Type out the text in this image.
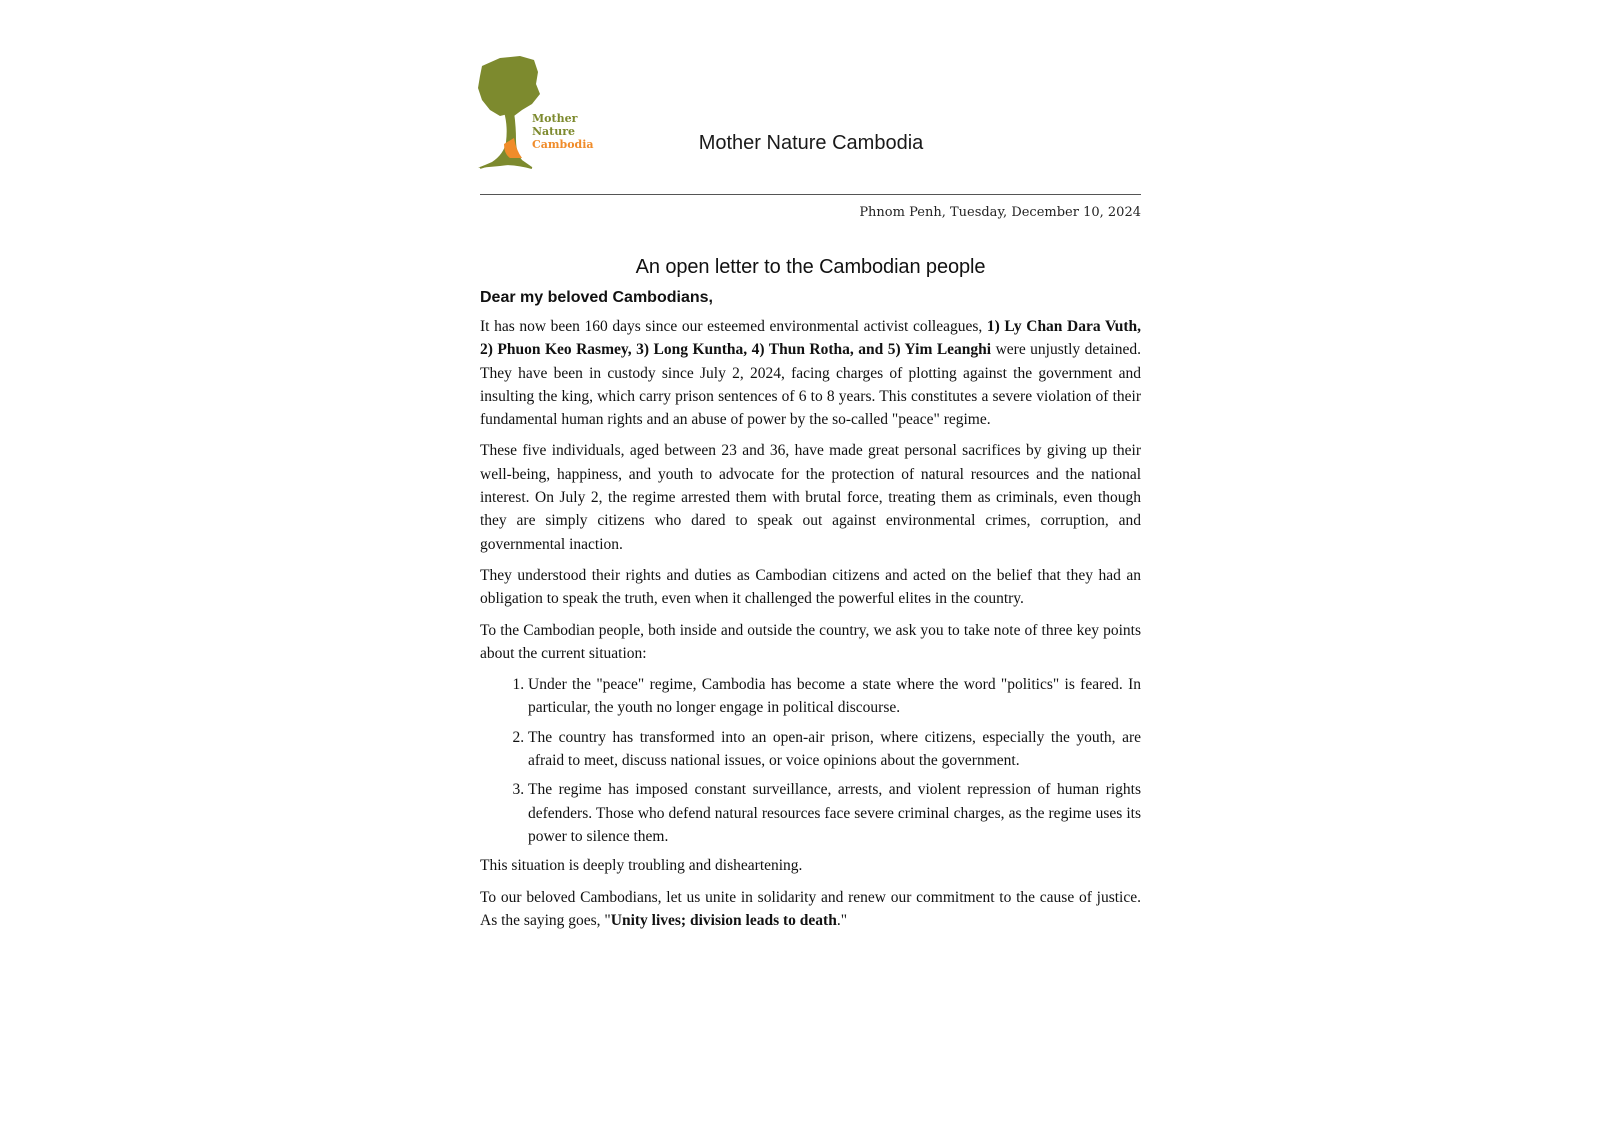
Mother
Nature
Cambodia	Mother Nature Cambodia
Phnom Penh, Tuesday, December 10, 2024
An open letter to the Cambodian people
Dear my beloved Cambodians,

It has now been 160 days since our esteemed environmental activist colleagues, 1) Ly Chan Dara Vuth, 2) Phuon Keo Rasmey, 3) Long Kuntha, 4) Thun Rotha, and 5) Yim Leanghi were unjustly detained. They have been in custody since July 2, 2024, facing charges of plotting against the government and insulting the king, which carry prison sentences of 6 to 8 years. This constitutes a severe violation of their fundamental human rights and an abuse of power by the so-called "peace" regime.

These five individuals, aged between 23 and 36, have made great personal sacrifices by giving up their well-being, happiness, and youth to advocate for the protection of natural resources and the national interest. On July 2, the regime arrested them with brutal force, treating them as criminals, even though they are simply citizens who dared to speak out against environmental crimes, corruption, and governmental inaction.

They understood their rights and duties as Cambodian citizens and acted on the belief that they had an obligation to speak the truth, even when it challenged the powerful elites in the country.

To the Cambodian people, both inside and outside the country, we ask you to take note of three key points about the current situation:

1. Under the "peace" regime, Cambodia has become a state where the word "politics" is feared. In particular, the youth no longer engage in political discourse.
2. The country has transformed into an open-air prison, where citizens, especially the youth, are afraid to meet, discuss national issues, or voice opinions about the government.
3. The regime has imposed constant surveillance, arrests, and violent repression of human rights defenders. Those who defend natural resources face severe criminal charges, as the regime uses its power to silence them.

This situation is deeply troubling and disheartening.

To our beloved Cambodians, let us unite in solidarity and renew our commitment to the cause of justice. As the saying goes, "Unity lives; division leads to death."
